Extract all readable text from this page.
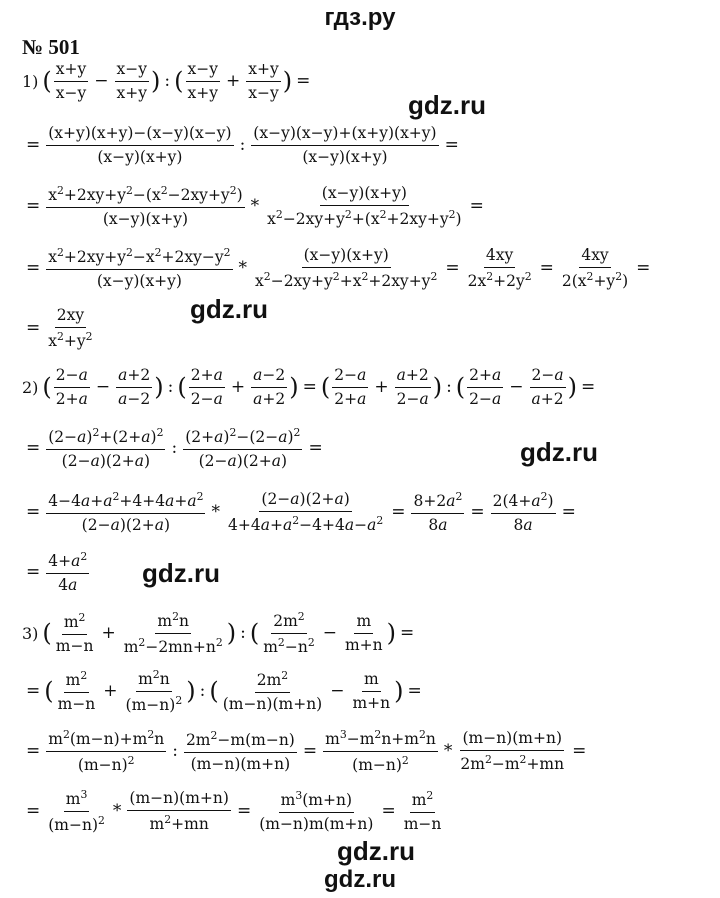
гдз.ру
№ 501
gdz.ru
gdz.ru
gdz.ru
gdz.ru
gdz.ru
1) ( $\frac{x+y}{x-y} - \frac{x-y}{x+y}$ ) : ( $\frac{x-y}{x+y} + \frac{x+y}{x-y}$ ) =
= $\frac{(x+y)(x+y)-(x-y)(x-y)}{(x-y)(x+y)}$ : $\frac{(x-y)(x-y)+(x+y)(x+y)}{(x-y)(x+y)}$ =
= $\frac{x^2+2xy+y^2-(x^2-2xy+y^2)}{(x-y)(x+y)} * \frac{(x-y)(x+y)}{x^2-2xy+y^2+(x^2+2xy+y^2)}$ =
= $\frac{x^2+2xy+y^2-x^2+2xy-y^2}{(x-y)(x+y)} * \frac{(x-y)(x+y)}{x^2-2xy+y^2+x^2+2xy+y^2} = \frac{4xy}{2x^2+2y^2} = \frac{4xy}{2(x^2+y^2)}$ =
= $\frac{2xy}{x^2+y^2}$
2) ( $\frac{2-a}{2+a} - \frac{a+2}{a-2}$ ) : ( $\frac{2+a}{2-a} + \frac{a-2}{a+2}$ ) = ( $\frac{2-a}{2+a} + \frac{a+2}{2-a}$ ) : ( $\frac{2+a}{2-a} - \frac{2-a}{a+2}$ ) =
= $\frac{(2-a)^2+(2+a)^2}{(2-a)(2+a)}$ : $\frac{(2+a)^2-(2-a)^2}{(2-a)(2+a)}$ =
= $\frac{4-4a+a^2+4+4a+a^2}{(2-a)(2+a)} * \frac{(2-a)(2+a)}{4+4a+a^2-4+4a-a^2} = \frac{8+2a^2}{8a} = \frac{2(4+a^2)}{8a}$ =
= $\frac{4+a^2}{4a}$
3) ( $\frac{m^2}{m-n} + \frac{m^2n}{m^2-2mn+n^2}$ ) : ( $\frac{2m^2}{m^2-n^2} - \frac{m}{m+n}$ ) =
= ( $\frac{m^2}{m-n} + \frac{m^2n}{(m-n)^2}$ ) : ( $\frac{2m^2}{(m-n)(m+n)} - \frac{m}{m+n}$ ) =
= $\frac{m^2(m-n)+m^2n}{(m-n)^2}$ : $\frac{2m^2-m(m-n)}{(m-n)(m+n)} = \frac{m^3-m^2n+m^2n}{(m-n)^2} * \frac{(m-n)(m+n)}{2m^2-m^2+mn}$ =
= $\frac{m^3}{(m-n)^2} * \frac{(m-n)(m+n)}{m^2+mn} = \frac{m^3(m+n)}{(m-n)m(m+n)} = \frac{m^2}{m-n}$
gdz.ru
